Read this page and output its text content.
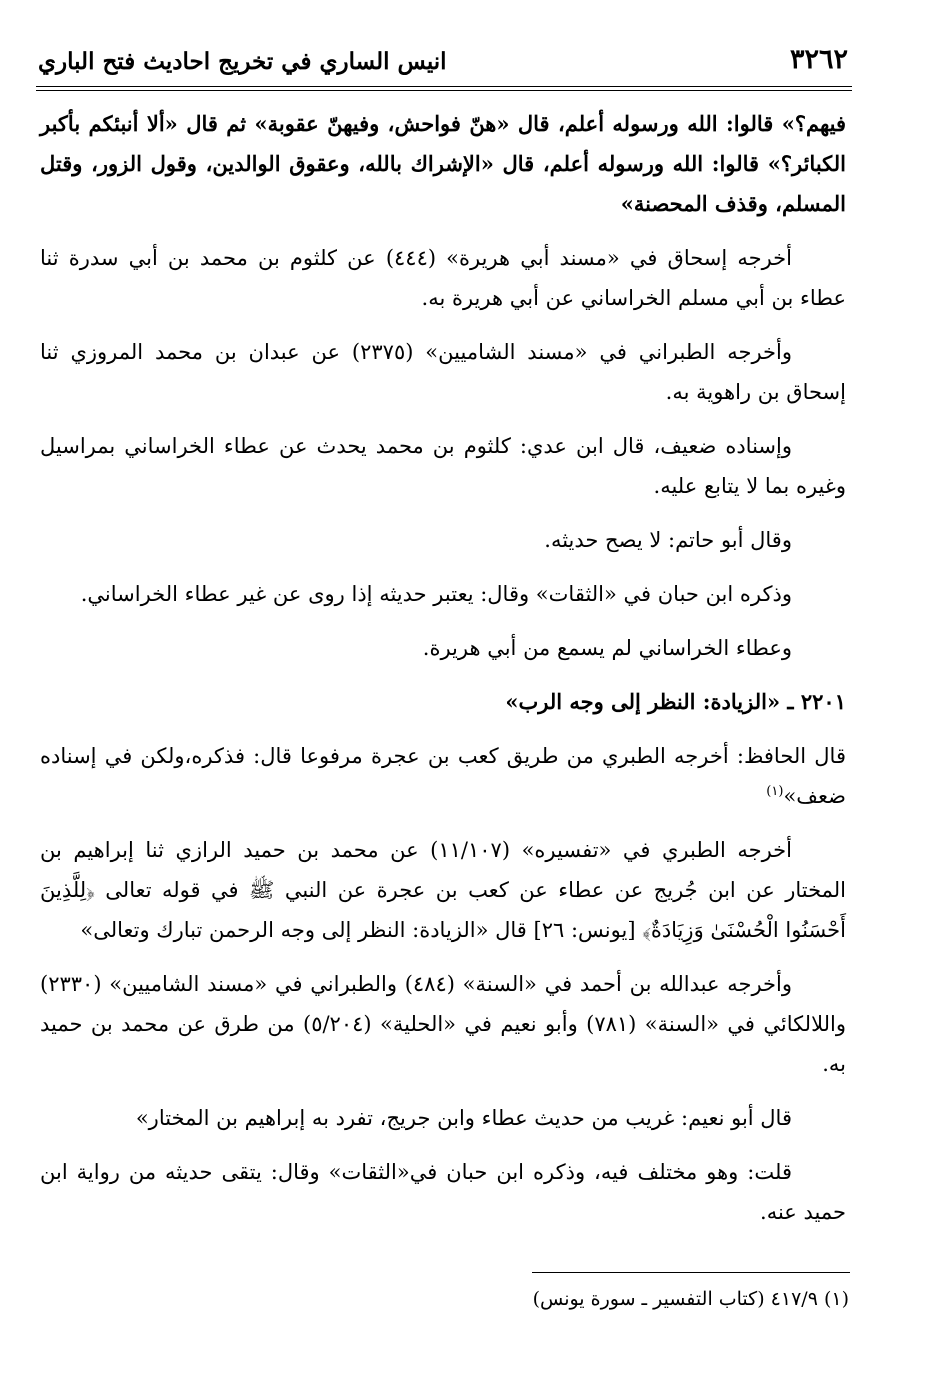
٣٢٦٢
انيس الساري في تخريج احاديث فتح الباري

فيهم؟» قالوا: الله ورسوله أعلم، قال «هنّ فواحش، وفيهنّ عقوبة» ثم قال «ألا أنبئكم بأكبر الكبائر؟» قالوا: الله ورسوله أعلم، قال «الإشراك بالله، وعقوق الوالدين، وقول الزور، وقتل المسلم، وقذف المحصنة»

أخرجه إسحاق في «مسند أبي هريرة» (٤٤٤) عن كلثوم بن محمد بن أبي سدرة ثنا عطاء بن أبي مسلم الخراساني عن أبي هريرة به.

وأخرجه الطبراني في «مسند الشاميين» (٢٣٧٥) عن عبدان بن محمد المروزي ثنا إسحاق بن راهوية به.

وإسناده ضعيف، قال ابن عدي: كلثوم بن محمد يحدث عن عطاء الخراساني بمراسيل وغيره بما لا يتابع عليه.

وقال أبو حاتم: لا يصح حديثه.

وذكره ابن حبان في «الثقات» وقال: يعتبر حديثه إذا روى عن غير عطاء الخراساني.

وعطاء الخراساني لم يسمع من أبي هريرة.

٢٢٠١ ـ «الزيادة: النظر إلى وجه الرب»

قال الحافظ: أخرجه الطبري من طريق كعب بن عجرة مرفوعا قال: فذكره،ولكن في إسناده ضعف»$^{(١)}$

أخرجه الطبري في «تفسيره» (١١/١٠٧) عن محمد بن حميد الرازي ثنا إبراهيم بن المختار عن ابن جُريج عن عطاء عن كعب بن عجرة عن النبي ﷺ في قوله تعالى ﴿لِلَّذِينَ أَحْسَنُوا الْحُسْنَىٰ وَزِيَادَةٌ﴾ [يونس: ٢٦] قال «الزيادة: النظر إلى وجه الرحمن تبارك وتعالى»

وأخرجه عبدالله بن أحمد في «السنة» (٤٨٤) والطبراني في «مسند الشاميين» (٢٣٣٠) واللالكائي في «السنة» (٧٨١) وأبو نعيم في «الحلية» (٥/٢٠٤) من طرق عن محمد بن حميد به.

قال أبو نعيم: غريب من حديث عطاء وابن جريج، تفرد به إبراهيم بن المختار»

قلت: وهو مختلف فيه، وذكره ابن حبان في«الثقات» وقال: يتقى حديثه من رواية ابن حميد عنه.

(١) ٤١٧/٩ (كتاب التفسير ـ سورة يونس)
